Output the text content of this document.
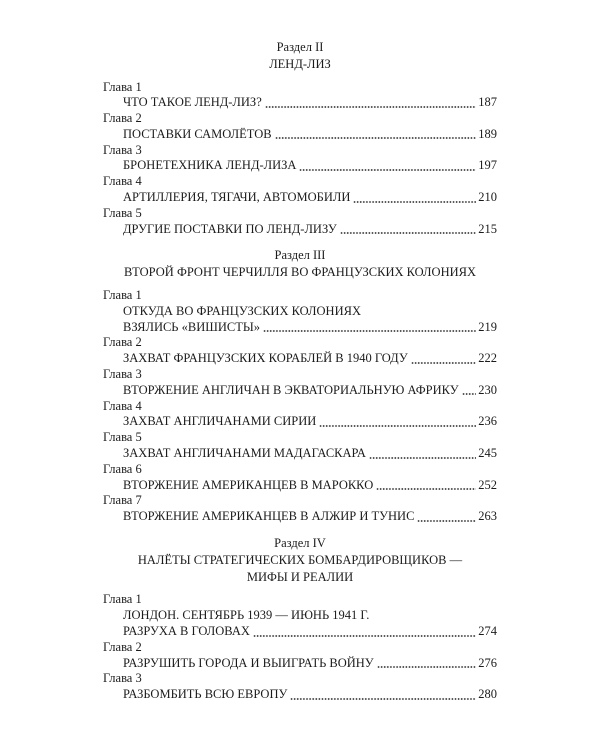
Раздел II
ЛЕНД-ЛИЗ
Глава 1
ЧТО ТАКОЕ ЛЕНД-ЛИЗ?	187
Глава 2
ПОСТАВКИ САМОЛЁТОВ	189
Глава 3
БРОНЕТЕХНИКА ЛЕНД-ЛИЗА	197
Глава 4
АРТИЛЛЕРИЯ, ТЯГАЧИ, АВТОМОБИЛИ	210
Глава 5
ДРУГИЕ ПОСТАВКИ ПО ЛЕНД-ЛИЗУ	215
Раздел III
ВТОРОЙ ФРОНТ ЧЕРЧИЛЛЯ ВО ФРАНЦУЗСКИХ КОЛОНИЯХ
Глава 1
ОТКУДА ВО ФРАНЦУЗСКИХ КОЛОНИЯХ
ВЗЯЛИСЬ «ВИШИСТЫ»	219
Глава 2
ЗАХВАТ ФРАНЦУЗСКИХ КОРАБЛЕЙ В 1940 ГОДУ	222
Глава 3
ВТОРЖЕНИЕ АНГЛИЧАН В ЭКВАТОРИАЛЬНУЮ АФРИКУ 230
Глава 4
ЗАХВАТ АНГЛИЧАНАМИ СИРИИ	236
Глава 5
ЗАХВАТ АНГЛИЧАНАМИ МАДАГАСКАРА	245
Глава 6
ВТОРЖЕНИЕ АМЕРИКАНЦЕВ В МАРОККО	252
Глава 7
ВТОРЖЕНИЕ АМЕРИКАНЦЕВ В АЛЖИР И ТУНИС	263
Раздел IV
НАЛЁТЫ СТРАТЕГИЧЕСКИХ БОМБАРДИРОВЩИКОВ —
МИФЫ И РЕАЛИИ
Глава 1
ЛОНДОН. СЕНТЯБРЬ 1939 — ИЮНЬ 1941 Г.
РАЗРУХА В ГОЛОВАХ	274
Глава 2
РАЗРУШИТЬ ГОРОДА И ВЫИГРАТЬ ВОЙНУ	276
Глава 3
РАЗБОМБИТЬ ВСЮ ЕВРОПУ	280
